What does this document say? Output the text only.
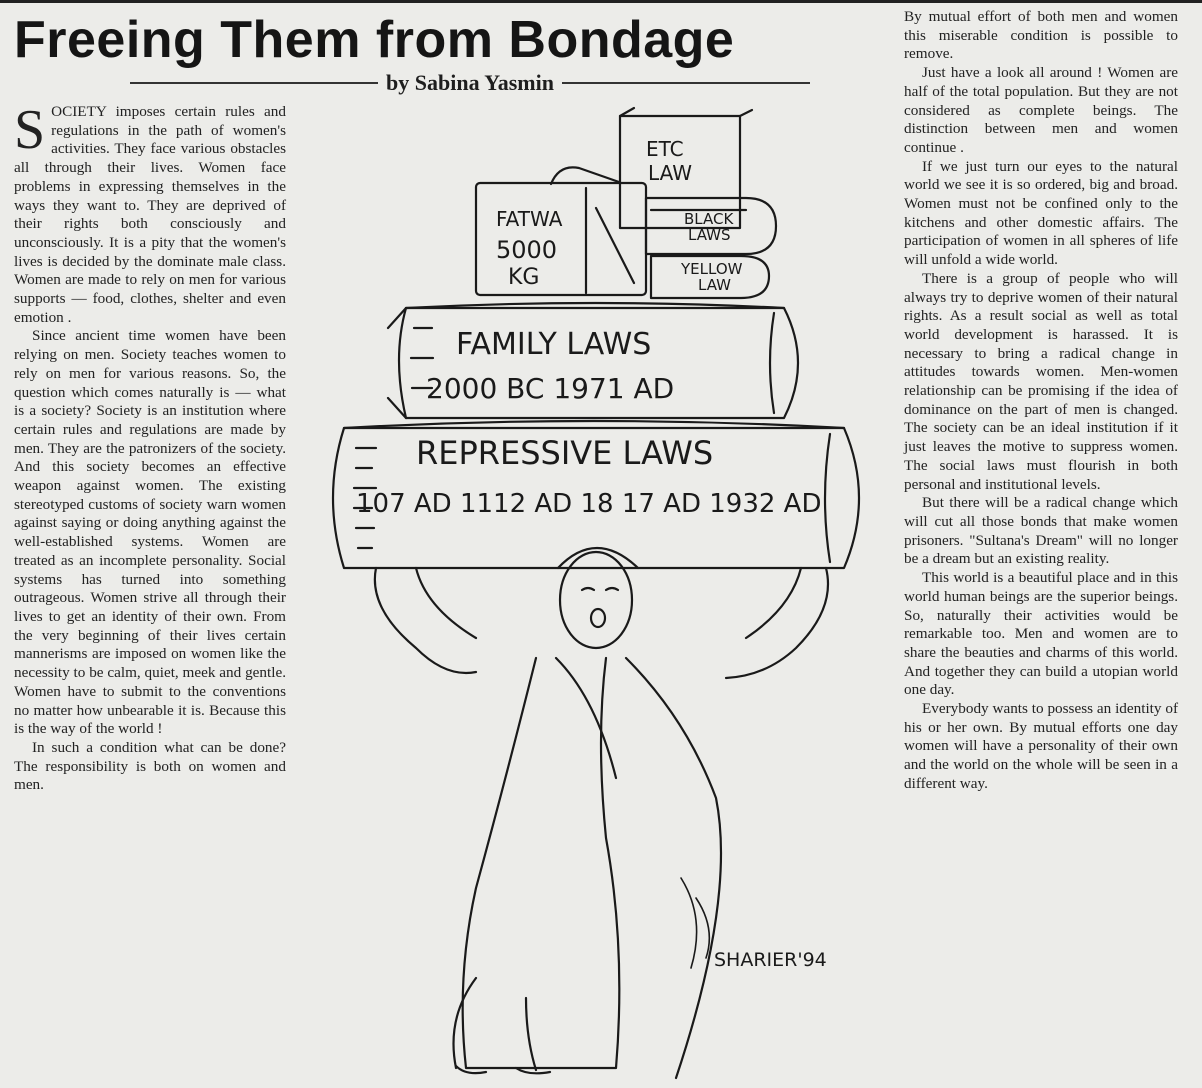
Freeing Them from Bondage
by Sabina Yasmin

SOCIETY imposes certain rules and regulations in the path of women's activities. They face various obstacles all through their lives. Women face problems in expressing themselves in the ways they want to. They are deprived of their rights both consciously and unconsciously. It is a pity that the women's lives is decided by the dominate male class. Women are made to rely on men for various supports — food, clothes, shelter and even emotion .

Since ancient time women have been relying on men. Society teaches women to rely on men for various reasons. So, the question which comes naturally is — what is a society? Society is an institution where certain rules and regulations are made by men. They are the patronizers of the society. And this society becomes an effective weapon against women. The existing stereotyped customs of society warn women against saying or doing anything against the well-established systems. Women are treated as an incomplete personality. Social systems has turned into something outrageous. Women strive all through their lives to get an identity of their own. From the very beginning of their lives certain mannerisms are imposed on women like the necessity to be calm, quiet, meek and gentle. Women have to submit to the conventions no matter how unbearable it is. Because this is the way of the world !

In such a condition what can be done? The responsibility is both on women and men.

By mutual effort of both men and women this miserable condition is possible to remove.

Just have a look all around ! Women are half of the total population. But they are not considered as complete beings. The distinction between men and women continue .

If we just turn our eyes to the natural world we see it is so ordered, big and broad. Women must not be confined only to the kitchens and other domestic affairs. The participation of women in all spheres of life will unfold a wide world.

There is a group of people who will always try to deprive women of their natural rights. As a result social as well as total world development is harassed. It is necessary to bring a radical change in attitudes towards women. Men-women relationship can be promising if the idea of dominance on the part of men is changed. The society can be an ideal institution if it just leaves the motive to suppress women. The social laws must flourish in both personal and institutional levels.

But there will be a radical change which will cut all those bonds that make women prisoners. "Sultana's Dream" will no longer be a dream but an existing reality.

This world is a beautiful place and in this world human beings are the superior beings. So, naturally their activities would be remarkable too. Men and women are to share the beauties and charms of this world. And together they can build a utopian world one day.

Everybody wants to possess an identity of his or her own. By mutual efforts one day women will have a personality of their own and the world on the whole will be seen in a different way.

ETC
LAW
FATWA
5000
KG
BLACK
LAWS
YELLOW
LAW
FAMILY LAWS
2000 BC 1971 AD
REPRESSIVE LAWS
107 AD 1112 AD 18 17 AD 1932 AD
SHARIER'94
